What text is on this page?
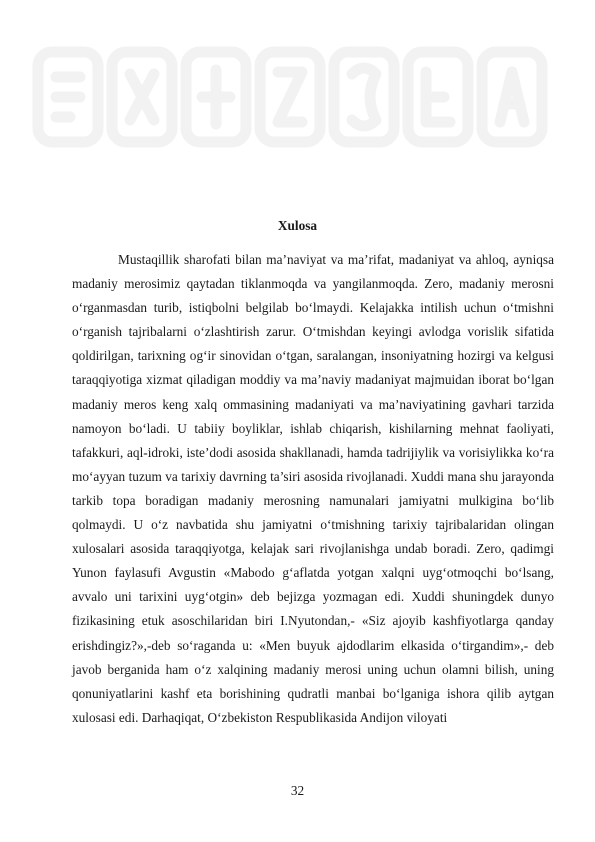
Xulosa

Mustaqillik sharofati bilan ma’naviyat va ma’rifat, madaniyat va ahloq, ayniqsa madaniy merosimiz qaytadan tiklanmoqda va yangilanmoqda. Zero, madaniy merosni o‘rganmasdan turib, istiqbolni belgilab bo‘lmaydi. Kelajakka intilish uchun o‘tmishni o‘rganish tajribalarni o‘zlashtirish zarur. O‘tmishdan keyingi avlodga vorislik sifatida qoldirilgan, tarixning og‘ir sinovidan o‘tgan, saralangan, insoniyatning hozirgi va kelgusi taraqqiyotiga xizmat qiladigan moddiy va ma’naviy madaniyat majmuidan iborat bo‘lgan madaniy meros keng xalq ommasining madaniyati va ma’naviyatining gavhari tarzida namoyon bo‘ladi. U tabiiy boyliklar, ishlab chiqarish, kishilarning mehnat faoliyati, tafakkuri, aql-idroki, iste’dodi asosida shakllanadi, hamda tadrijiylik va vorisiylikka ko‘ra mo‘ayyan tuzum va tarixiy davrning ta’siri asosida rivojlanadi. Xuddi mana shu jarayonda tarkib topa boradigan madaniy merosning namunalari jamiyatni mulkigina bo‘lib qolmaydi. U o‘z navbatida shu jamiyatni o‘tmishning tarixiy tajribalaridan olingan xulosalari asosida taraqqiyotga, kelajak sari rivojlanishga undab boradi. Zero, qadimgi Yunon faylasufi Avgustin «Mabodo g‘aflatda yotgan xalqni uyg‘otmoqchi bo‘lsang, avvalo uni tarixini uyg‘otgin» deb bejizga yozmagan edi. Xuddi shuningdek dunyo fizikasining etuk asoschilaridan biri I.Nyutondan,- «Siz ajoyib kashfiyotlarga qanday erishdingiz?»,-deb so‘raganda u: «Men buyuk ajdodlarim elkasida o‘tirgandim»,- deb javob berganida ham o‘z xalqining madaniy merosi uning uchun olamni bilish, uning qonuniyatlarini kashf eta borishining qudratli manbai bo‘lganiga ishora qilib aytgan xulosasi edi. Darhaqiqat, O‘zbekiston Respublikasida Andijon viloyati

32
